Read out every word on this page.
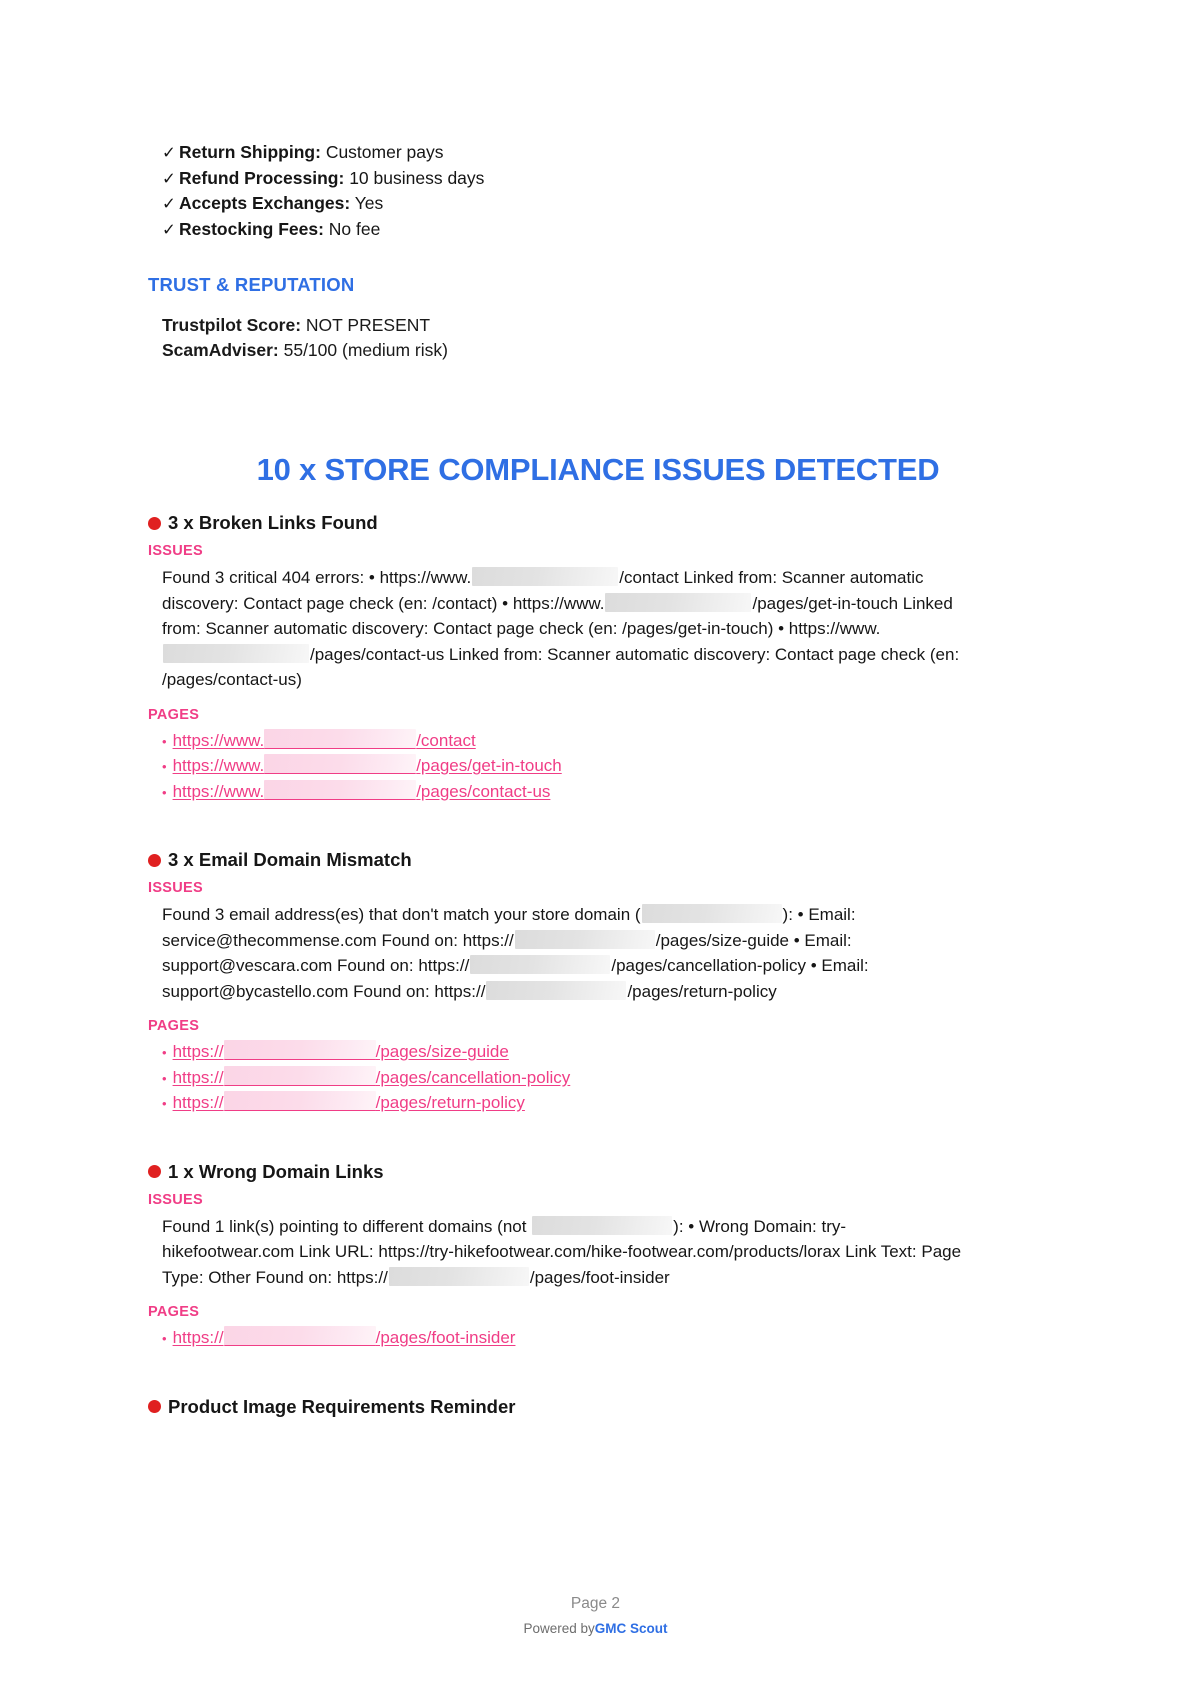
✓ Return Shipping: Customer pays
✓ Refund Processing: 10 business days
✓ Accepts Exchanges: Yes
✓ Restocking Fees: No fee
TRUST & REPUTATION
Trustpilot Score: NOT PRESENT
ScamAdviser: 55/100 (medium risk)
10 x STORE COMPLIANCE ISSUES DETECTED
3 x Broken Links Found
ISSUES
Found 3 critical 404 errors: • https://www.	/contact Linked from: Scanner automatic discovery: Contact page check (en: /contact) • https://www.	/pages/get-in-touch Linked from: Scanner automatic discovery: Contact page check (en: /pages/get-in-touch) • https://www./pages/contact-us Linked from: Scanner automatic discovery: Contact page check (en: /pages/contact-us)
PAGES
• https://www.	/contact
• https://www.	/pages/get-in-touch
• https://www.	/pages/contact-us
3 x Email Domain Mismatch
ISSUES
Found 3 email address(es) that don't match your store domain (	): • Email: service@thecommense.com Found on: https://	/pages/size-guide • Email: support@vescara.com Found on: https://	/pages/cancellation-policy • Email: support@bycastello.com Found on: https://	/pages/return-policy
PAGES
• https://	/pages/size-guide
• https://	/pages/cancellation-policy
• https://	/pages/return-policy
1 x Wrong Domain Links
ISSUES
Found 1 link(s) pointing to different domains (not	): • Wrong Domain: try-hikefootwear.com Link URL: https://try-hikefootwear.com/hike-footwear.com/products/lorax Link Text: Page Type: Other Found on: https://	/pages/foot-insider
PAGES
• https://	/pages/foot-insider
Product Image Requirements Reminder
Page 2
Powered byGMC Scout
